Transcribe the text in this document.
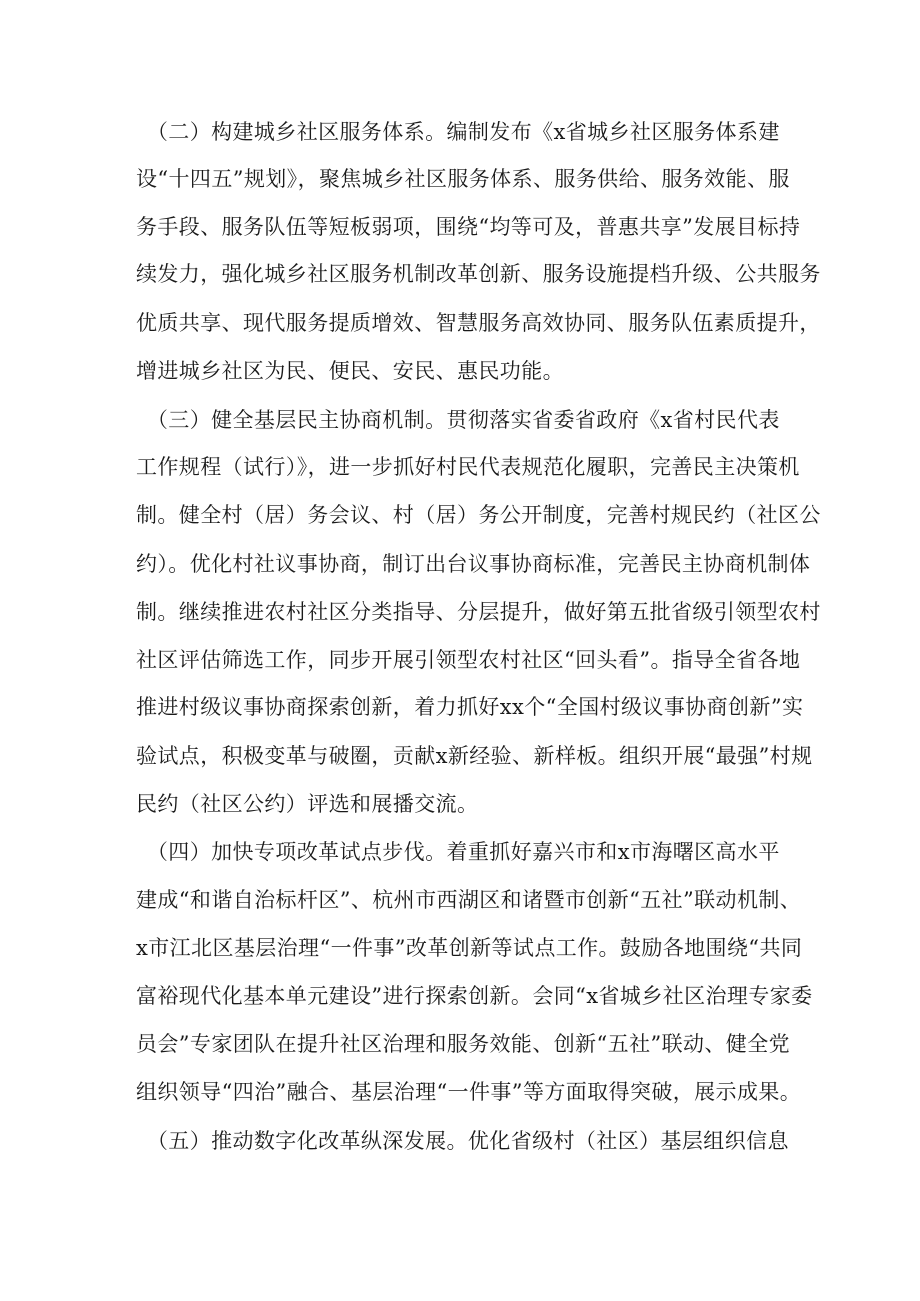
　（二）构建城乡社区服务体系。编制发布《x省城乡社区服务体系建
设“十四五”规划》，聚焦城乡社区服务体系、服务供给、服务效能、服
务手段、服务队伍等短板弱项，围绕“均等可及，普惠共享”发展目标持
续发力，强化城乡社区服务机制改革创新、服务设施提档升级、公共服务
优质共享、现代服务提质增效、智慧服务高效协同、服务队伍素质提升，
增进城乡社区为民、便民、安民、惠民功能。
　（三）健全基层民主协商机制。贯彻落实省委省政府《x省村民代表
工作规程（试行）》，进一步抓好村民代表规范化履职，完善民主决策机
制。健全村（居）务会议、村（居）务公开制度，完善村规民约（社区公
约）。优化村社议事协商，制订出台议事协商标准，完善民主协商机制体
制。继续推进农村社区分类指导、分层提升，做好第五批省级引领型农村
社区评估筛选工作，同步开展引领型农村社区“回头看”。指导全省各地
推进村级议事协商探索创新，着力抓好xx个“全国村级议事协商创新”实
验试点，积极变革与破圈，贡献x新经验、新样板。组织开展“最强”村规
民约（社区公约）评选和展播交流。
　（四）加快专项改革试点步伐。着重抓好嘉兴市和x市海曙区高水平
建成“和谐自治标杆区”、杭州市西湖区和诸暨市创新“五社”联动机制、
x市江北区基层治理“一件事”改革创新等试点工作。鼓励各地围绕“共同
富裕现代化基本单元建设”进行探索创新。会同“x省城乡社区治理专家委
员会”专家团队在提升社区治理和服务效能、创新“五社”联动、健全党
组织领导“四治”融合、基层治理“一件事”等方面取得突破，展示成果。
　（五）推动数字化改革纵深发展。优化省级村（社区）基层组织信息
